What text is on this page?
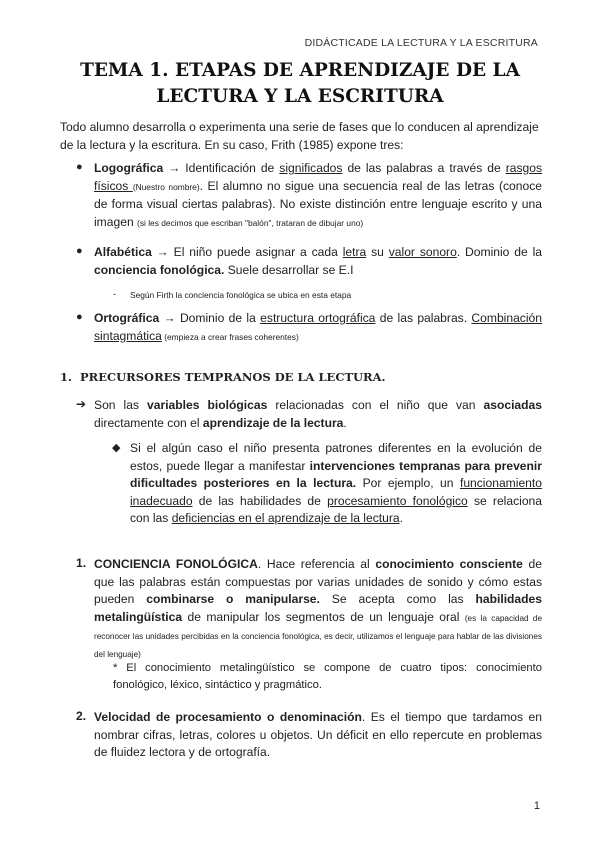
DIDÁCTICADE LA LECTURA Y LA ESCRITURA
TEMA 1. ETAPAS DE APRENDIZAJE DE LA
LECTURA Y LA ESCRITURA
Todo alumno desarrolla o experimenta una serie de fases que lo conducen al aprendizaje de la lectura y la escritura. En su caso, Frith (1985) expone tres:
● Logográfica → Identificación de significados de las palabras a través de rasgos físicos (Nuestro nombre). El alumno no sigue una secuencia real de las letras (conoce de forma visual ciertas palabras). No existe distinción entre lenguaje escrito y una imagen (si les decimos que escriban "balón", trataran de dibujar uno)
● Alfabética → El niño puede asignar a cada letra su valor sonoro. Dominio de la conciencia fonológica. Suele desarrollar se E.I
- Según Firth la conciencia fonológica se ubica en esta etapa
● Ortográfica → Dominio de la estructura ortográfica de las palabras. Combinación sintagmática (empieza a crear frases coherentes)
1. PRECURSORES TEMPRANOS DE LA LECTURA.
➔ Son las variables biológicas relacionadas con el niño que van asociadas directamente con el aprendizaje de la lectura.
◆ Si el algún caso el niño presenta patrones diferentes en la evolución de estos, puede llegar a manifestar intervenciones tempranas para prevenir dificultades posteriores en la lectura. Por ejemplo, un funcionamiento inadecuado de las habilidades de procesamiento fonológico se relaciona con las deficiencias en el aprendizaje de la lectura.
1. CONCIENCIA FONOLÓGICA. Hace referencia al conocimiento consciente de que las palabras están compuestas por varias unidades de sonido y cómo estas pueden combinarse o manipularse. Se acepta como las habilidades metalingüística de manipular los segmentos de un lenguaje oral (es la capacidad de reconocer las unidades percibidas en la conciencia fonológica, es decir, utilizamos el lenguaje para hablar de las divisiones del lenguaje)
* El conocimiento metalingüístico se compone de cuatro tipos: conocimiento fonológico, léxico, sintáctico y pragmático.
2. Velocidad de procesamiento o denominación. Es el tiempo que tardamos en nombrar cifras, letras, colores u objetos. Un déficit en ello repercute en problemas de fluidez lectora y de ortografía.
1
